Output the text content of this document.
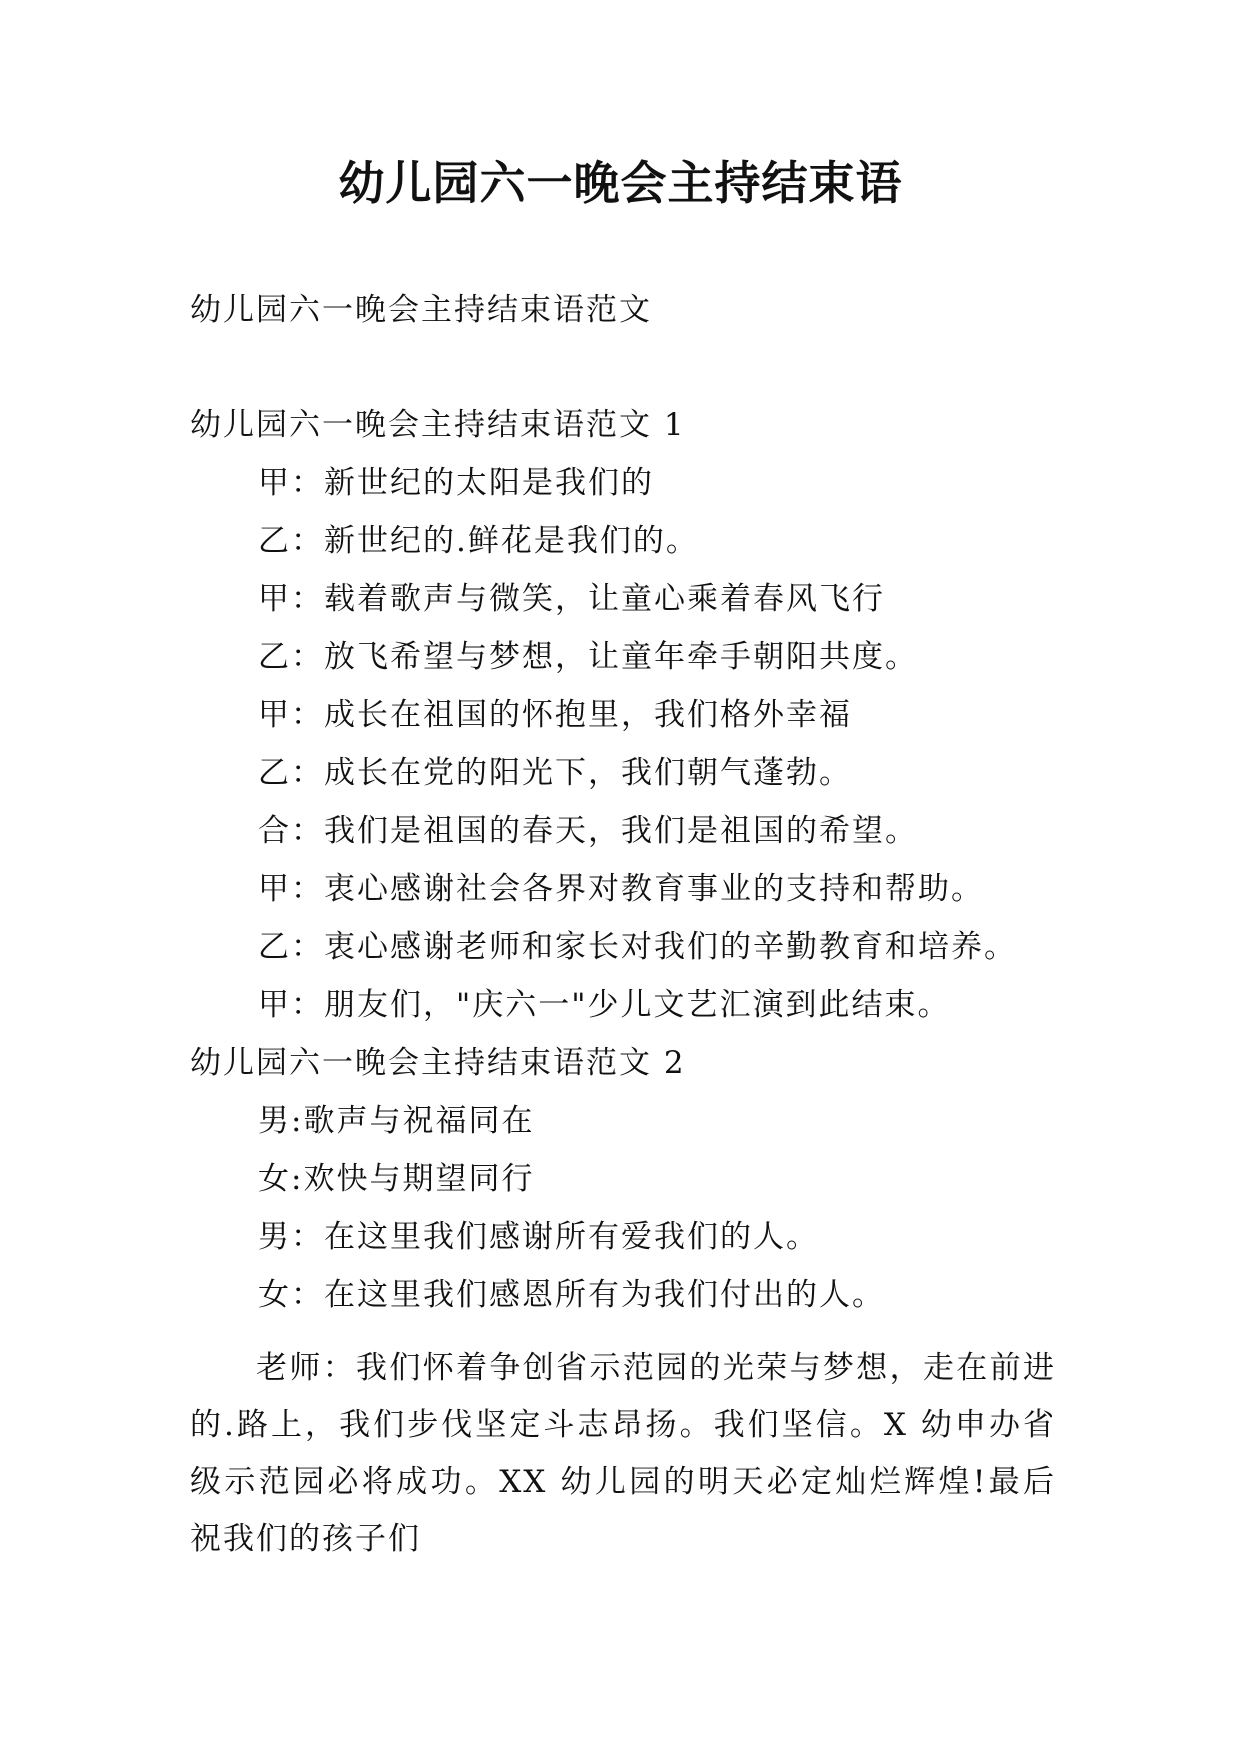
幼儿园六一晚会主持结束语
幼儿园六一晚会主持结束语范文
幼儿园六一晚会主持结束语范文 1
甲：新世纪的太阳是我们的
乙：新世纪的.鲜花是我们的。
甲：载着歌声与微笑，让童心乘着春风飞行
乙：放飞希望与梦想，让童年牵手朝阳共度。
甲：成长在祖国的怀抱里，我们格外幸福
乙：成长在党的阳光下，我们朝气蓬勃。
合：我们是祖国的春天，我们是祖国的希望。
甲：衷心感谢社会各界对教育事业的支持和帮助。
乙：衷心感谢老师和家长对我们的辛勤教育和培养。
甲：朋友们，"庆六一"少儿文艺汇演到此结束。
幼儿园六一晚会主持结束语范文 2
男:歌声与祝福同在
女:欢快与期望同行
男：在这里我们感谢所有爱我们的人。
女：在这里我们感恩所有为我们付出的人。
老师：我们怀着争创省示范园的光荣与梦想，走在前进的.路上，我们步伐坚定斗志昂扬。我们坚信。X 幼申办省级示范园必将成功。XX 幼儿园的明天必定灿烂辉煌!最后祝我们的孩子们
